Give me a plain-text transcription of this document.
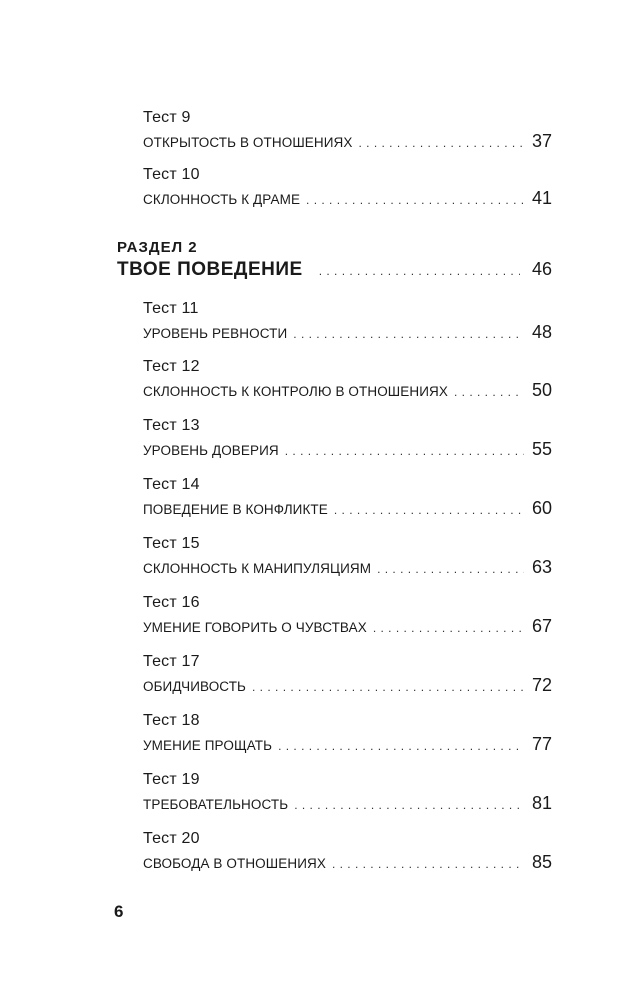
Тест 9
ОТКРЫТОСТЬ В ОТНОШЕНИЯХ . . .	37
Тест 10
СКЛОННОСТЬ К ДРАМЕ . . .	41
РАЗДЕЛ 2
ТВОЕ ПОВЕДЕНИЕ . . .	46
Тест 11
УРОВЕНЬ РЕВНОСТИ . . .	48
Тест 12
СКЛОННОСТЬ К КОНТРОЛЮ В ОТНОШЕНИЯХ . . .	50
Тест 13
УРОВЕНЬ ДОВЕРИЯ . . .	55
Тест 14
ПОВЕДЕНИЕ В КОНФЛИКТЕ . . .	60
Тест 15
СКЛОННОСТЬ К МАНИПУЛЯЦИЯМ . . .	63
Тест 16
УМЕНИЕ ГОВОРИТЬ О ЧУВСТВАХ . . .	67
Тест 17
ОБИДЧИВОСТЬ . . .	72
Тест 18
УМЕНИЕ ПРОЩАТЬ . . .	77
Тест 19
ТРЕБОВАТЕЛЬНОСТЬ . . .	81
Тест 20
СВОБОДА В ОТНОШЕНИЯХ . . .	85
6
